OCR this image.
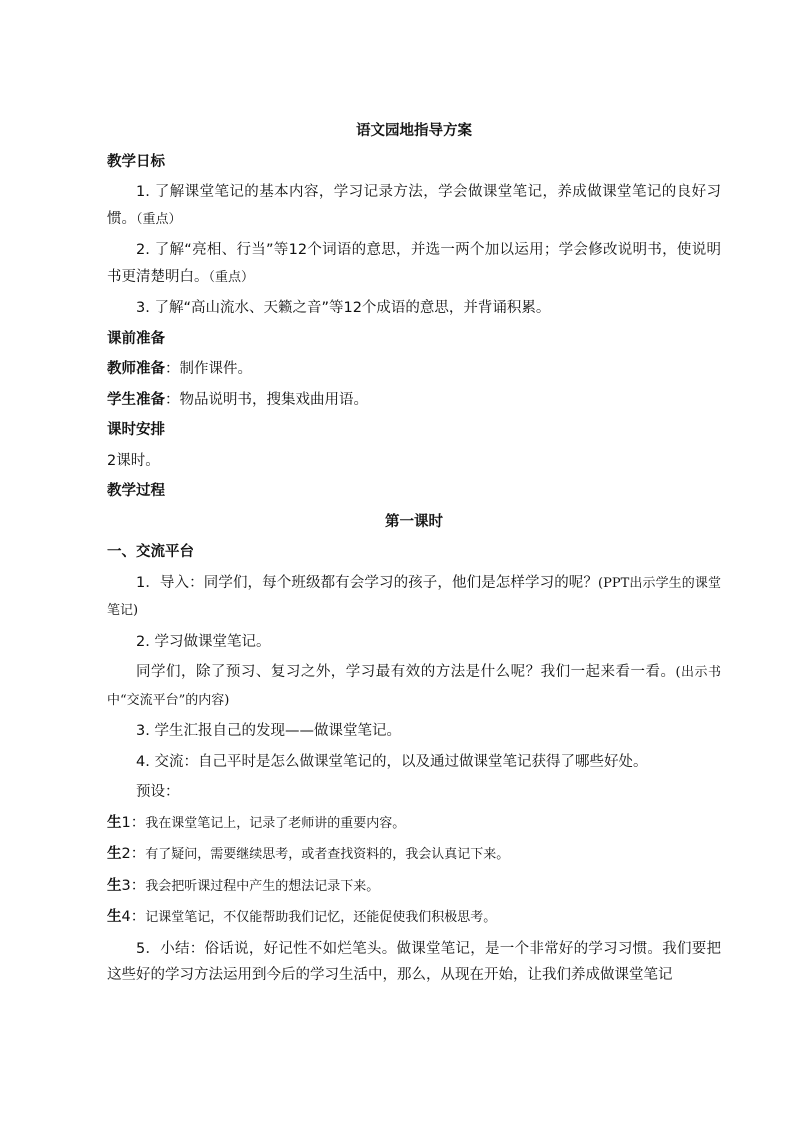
语文园地指导方案
教学日标

1. 了解课堂笔记的基本内容，学习记录方法，学会做课堂笔记，养成做课堂笔记的良好习惯。（重点）

2. 了解“亮相、行当”等12个词语的意思，并选一两个加以运用；学会修改说明书，使说明书更清楚明白。（重点）

3. 了解“高山流水、天籁之音”等12个成语的意思，并背诵积累。

课前准备
教师准备：制作课件。
学生准备：物品说明书，搜集戏曲用语。
课时安排
2课时。
教学过程
第一课时
一、交流平台

1．导入：同学们，每个班级都有会学习的孩子，他们是怎样学习的呢？(PPT出示学生的课堂笔记)

2. 学习做课堂笔记。

同学们，除了预习、复习之外，学习最有效的方法是什么呢？我们一起来看一看。(出示书中“交流平台”的内容)

3. 学生汇报自己的发现——做课堂笔记。

4. 交流：自己平时是怎么做课堂笔记的，以及通过做课堂笔记获得了哪些好处。

预设：

生1：我在课堂笔记上，记录了老师讲的重要内容。

生2：有了疑问，需要继续思考，或者查找资料的，我会认真记下来。

生3：我会把听课过程中产生的想法记录下来。

生4：记课堂笔记，不仅能帮助我们记忆，还能促使我们积极思考。

5．小结：俗话说，好记性不如烂笔头。做课堂笔记，是一个非常好的学习习惯。我们要把这些好的学习方法运用到今后的学习生活中，那么，从现在开始，让我们养成做课堂笔记
